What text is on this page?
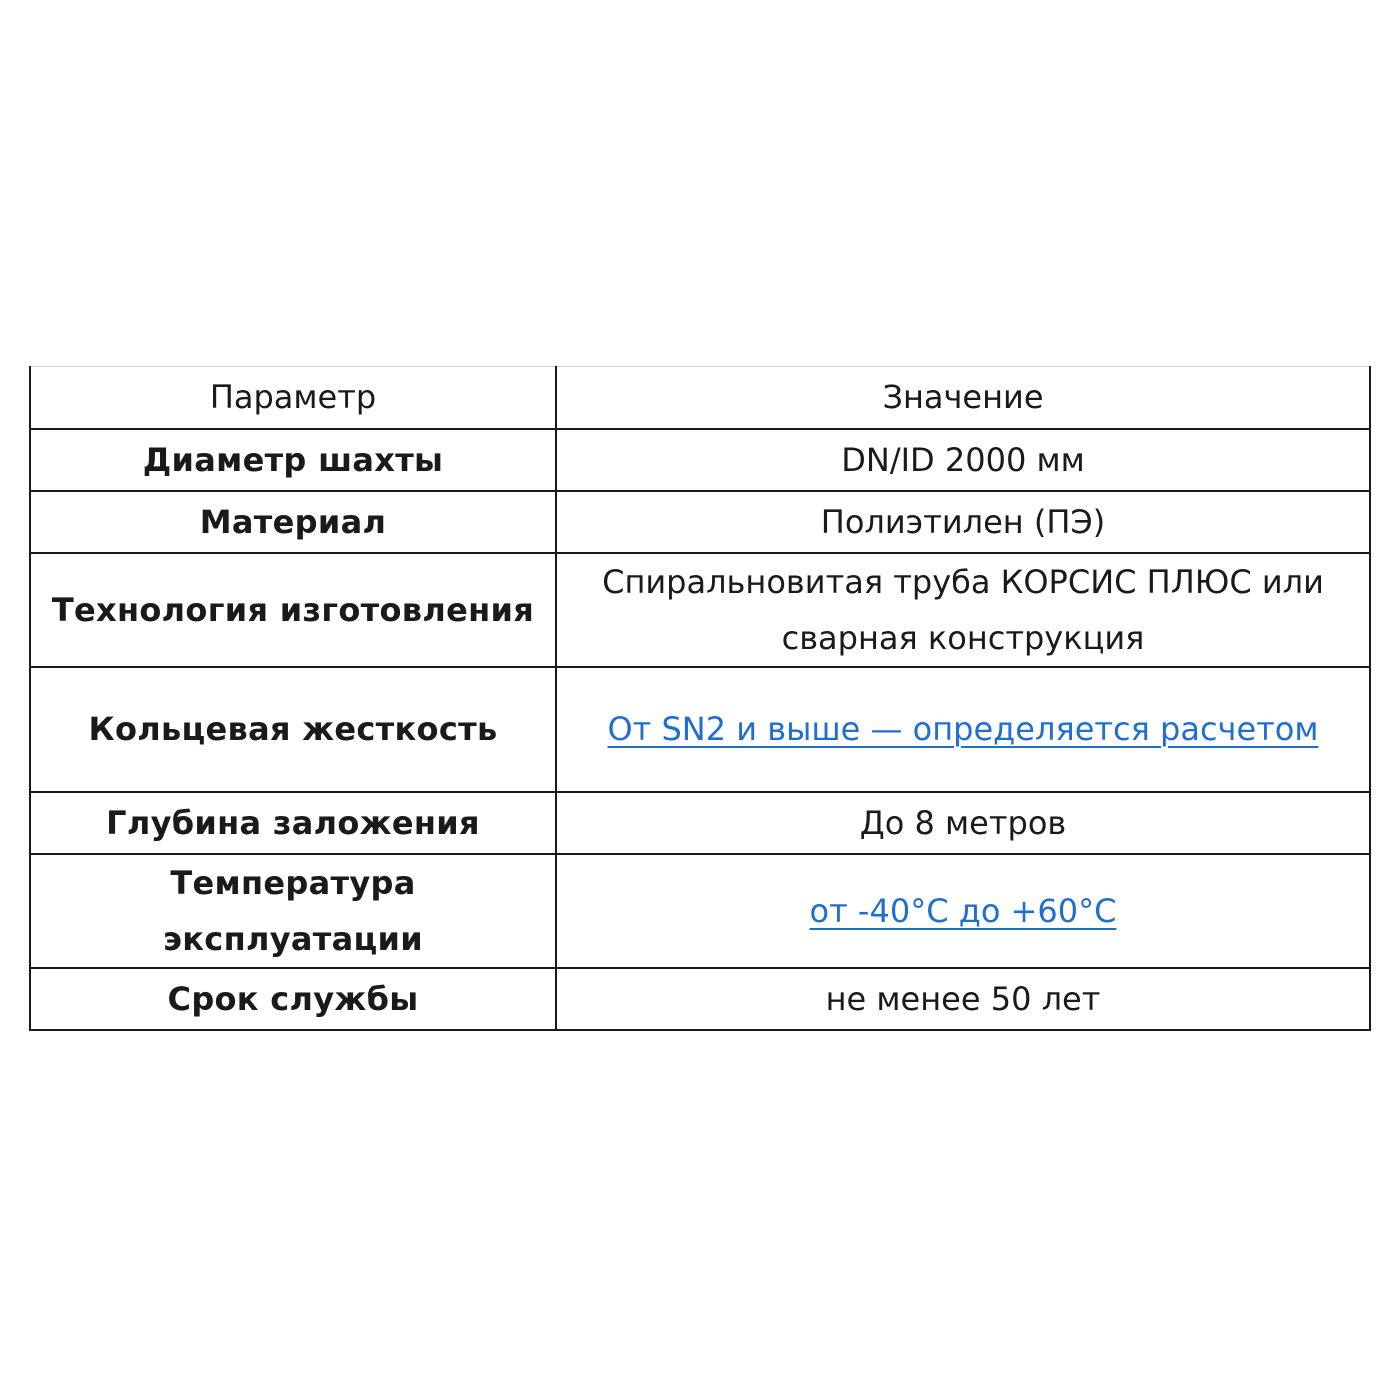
Параметр	Значение
Диаметр шахты	DN/ID 2000 мм
Материал	Полиэтилен (ПЭ)
Технология изготовления	Спиральновитая труба КОРСИС ПЛЮС или сварная конструкция
Кольцевая жесткость	От SN2 и выше — определяется расчетом
Глубина заложения	До 8 метров
Температура эксплуатации	от -40°C до +60°C
Срок службы	не менее 50 лет
